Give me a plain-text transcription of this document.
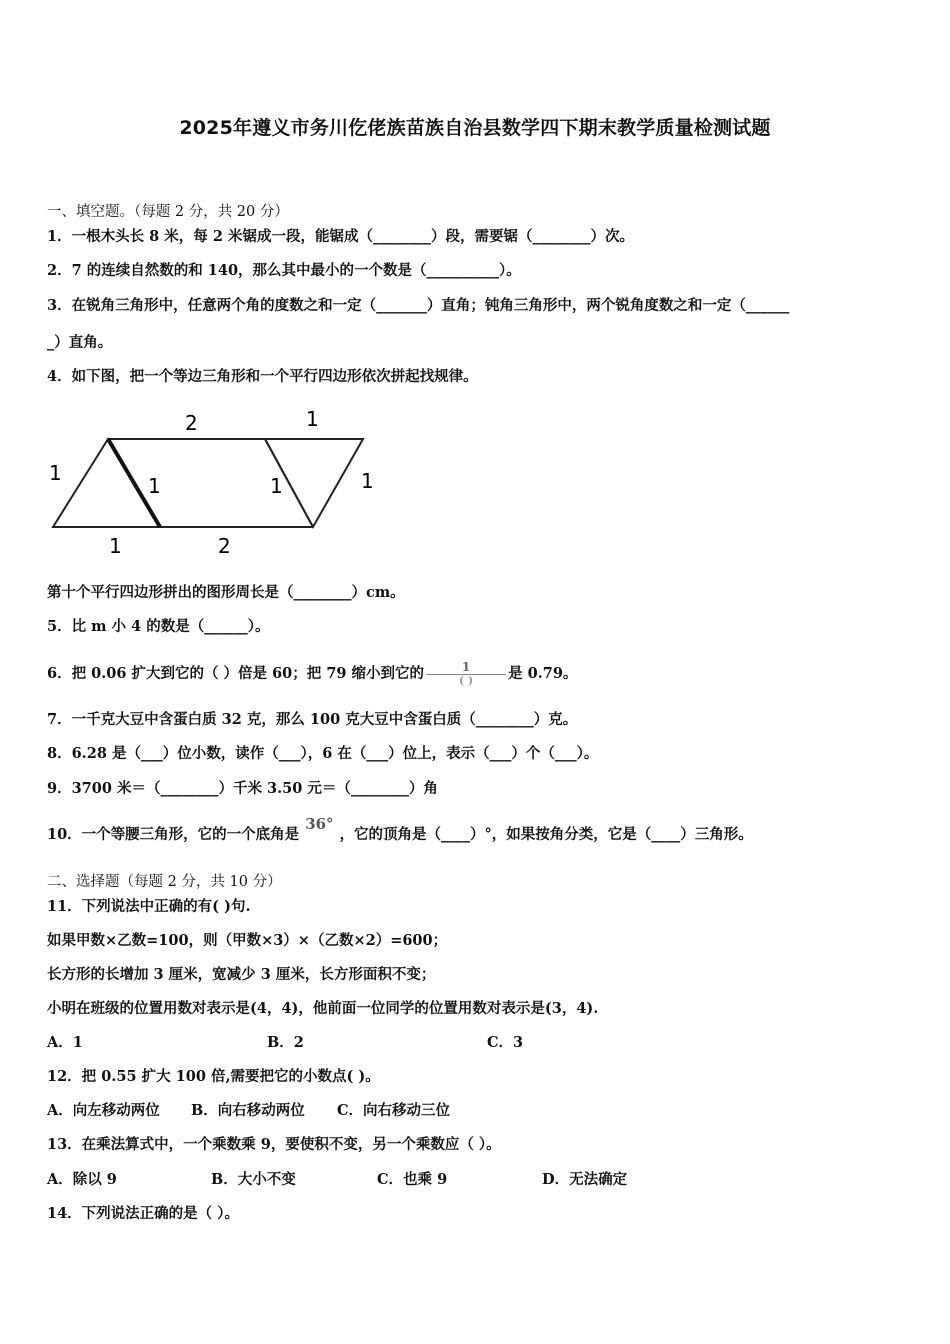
2025年遵义市务川仡佬族苗族自治县数学四下期末教学质量检测试题
一、填空题。（每题 2 分，共 20 分）
1．一根木头长 8 米，每 2 米锯成一段，能锯成（________）段，需要锯（________）次。
2．7 的连续自然数的和 140，那么其中最小的一个数是（__________）。
3．在锐角三角形中，任意两个角的度数之和一定（_______）直角；钝角三角形中，两个锐角度数之和一定（______
_）直角。
4．如下图，把一个等边三角形和一个平行四边形依次拼起找规律。
2	1
1
1	1	1
1	2
第十个平行四边形拼出的图形周长是（________）cm。
5．比 m 小 4 的数是（______）。
6．把 0.06 扩大到它的（ ）倍是 60；把 79 缩小到它的 $\frac{1}{( )}$ 是 0.79。
7．一千克大豆中含蛋白质 32 克，那么 100 克大豆中含蛋白质（________）克。
8．6.28 是（___）位小数，读作（___），6 在（___）位上，表示（___）个（___）。
9．3700 米＝（________）千米 3.50 元＝（________）角
10．一个等腰三角形，它的一个底角是36°，它的顶角是（____）°，如果按角分类，它是（____）三角形。
二、选择题（每题 2 分，共 10 分）
11．下列说法中正确的有( )句.
如果甲数×乙数=100，则（甲数×3）×（乙数×2）=600；
长方形的长增加 3 厘米，宽减少 3 厘米，长方形面积不变；
小明在班级的位置用数对表示是(4，4)，他前面一位同学的位置用数对表示是(3，4).
A．1	B．2	C．3
12．把 0.55 扩大 100 倍,需要把它的小数点( )。
A．向左移动两位 B．向右移动两位 C．向右移动三位
13．在乘法算式中，一个乘数乘 9，要使积不变，另一个乘数应（ ）。
A．除以 9	B．大小不变	C．也乘 9	D．无法确定
14．下列说法正确的是（ ）。
